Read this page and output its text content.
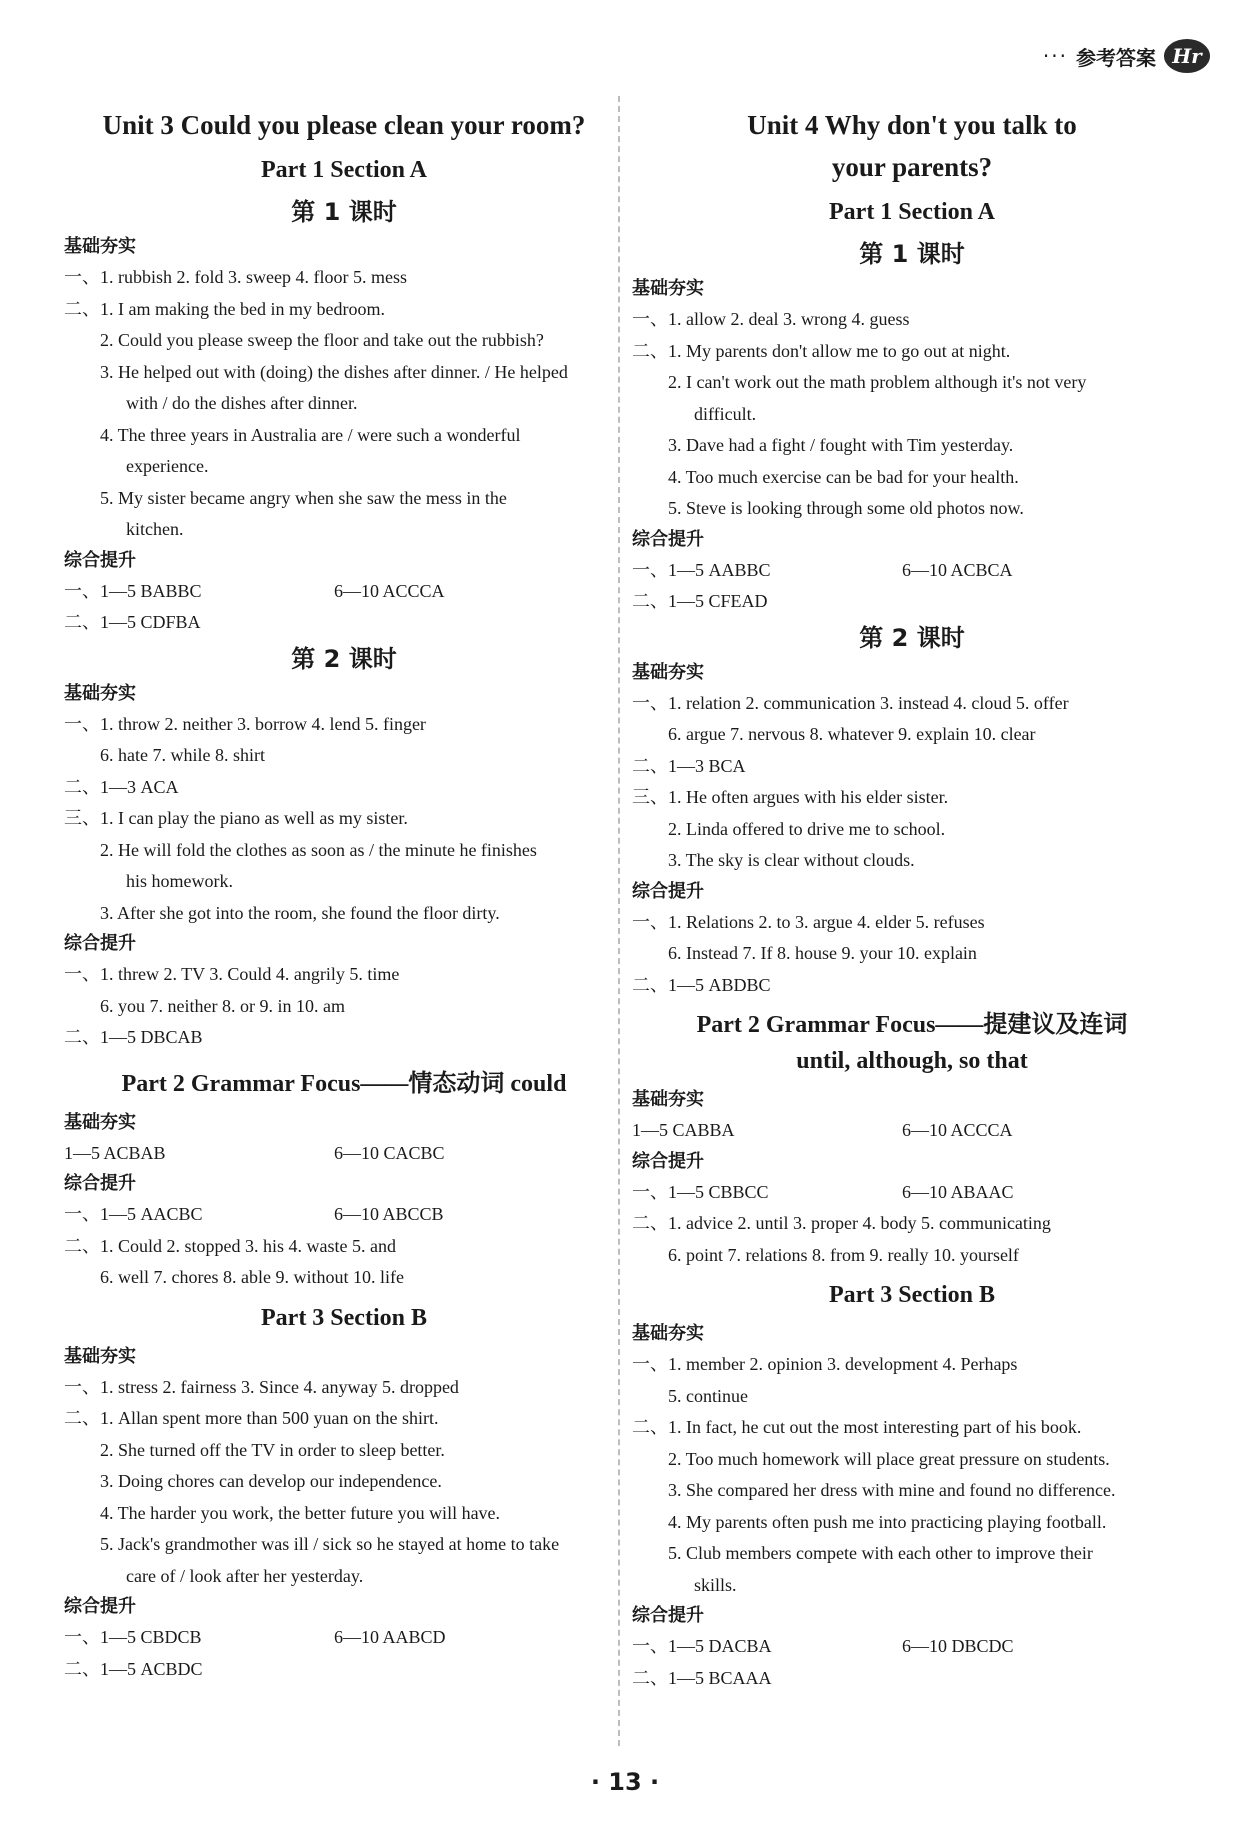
··· 参考答案 Hr
Unit 3 Could you please clean your room?
Part 1 Section A
第 1 课时
基础夯实
一、1. rubbish 2. fold 3. sweep 4. floor 5. mess
二、1. I am making the bed in my bedroom.
2. Could you please sweep the floor and take out the rubbish?
3. He helped out with (doing) the dishes after dinner. / He helped
with / do the dishes after dinner.
4. The three years in Australia are / were such a wonderful
experience.
5. My sister became angry when she saw the mess in the
kitchen.
综合提升
一、1—5 BABBC	6—10 ACCCA
二、1—5 CDFBA
第 2 课时
基础夯实
一、1. throw 2. neither 3. borrow 4. lend 5. finger
6. hate 7. while 8. shirt
二、1—3 ACA
三、1. I can play the piano as well as my sister.
2. He will fold the clothes as soon as / the minute he finishes
his homework.
3. After she got into the room, she found the floor dirty.
综合提升
一、1. threw 2. TV 3. Could 4. angrily 5. time
6. you 7. neither 8. or 9. in 10. am
二、1—5 DBCAB
Part 2 Grammar Focus——情态动词 could
基础夯实
1—5 ACBAB	6—10 CACBC
综合提升
一、1—5 AACBC	6—10 ABCCB
二、1. Could 2. stopped 3. his 4. waste 5. and
6. well 7. chores 8. able 9. without 10. life
Part 3 Section B
基础夯实
一、1. stress 2. fairness 3. Since 4. anyway 5. dropped
二、1. Allan spent more than 500 yuan on the shirt.
2. She turned off the TV in order to sleep better.
3. Doing chores can develop our independence.
4. The harder you work, the better future you will have.
5. Jack's grandmother was ill / sick so he stayed at home to take
care of / look after her yesterday.
综合提升
一、1—5 CBDCB	6—10 AABCD
二、1—5 ACBDC
Unit 4 Why don't you talk to
your parents?
Part 1 Section A
第 1 课时
基础夯实
一、1. allow 2. deal 3. wrong 4. guess
二、1. My parents don't allow me to go out at night.
2. I can't work out the math problem although it's not very
difficult.
3. Dave had a fight / fought with Tim yesterday.
4. Too much exercise can be bad for your health.
5. Steve is looking through some old photos now.
综合提升
一、1—5 AABBC	6—10 ACBCA
二、1—5 CFEAD
第 2 课时
基础夯实
一、1. relation 2. communication 3. instead 4. cloud 5. offer
6. argue 7. nervous 8. whatever 9. explain 10. clear
二、1—3 BCA
三、1. He often argues with his elder sister.
2. Linda offered to drive me to school.
3. The sky is clear without clouds.
综合提升
一、1. Relations 2. to 3. argue 4. elder 5. refuses
6. Instead 7. If 8. house 9. your 10. explain
二、1—5 ABDBC
Part 2 Grammar Focus——提建议及连词
until, although, so that
基础夯实
1—5 CABBA	6—10 ACCCA
综合提升
一、1—5 CBBCC	6—10 ABAAC
二、1. advice 2. until 3. proper 4. body 5. communicating
6. point 7. relations 8. from 9. really 10. yourself
Part 3 Section B
基础夯实
一、1. member 2. opinion 3. development 4. Perhaps
5. continue
二、1. In fact, he cut out the most interesting part of his book.
2. Too much homework will place great pressure on students.
3. She compared her dress with mine and found no difference.
4. My parents often push me into practicing playing football.
5. Club members compete with each other to improve their
skills.
综合提升
一、1—5 DACBA	6—10 DBCDC
二、1—5 BCAAA
· 13 ·
